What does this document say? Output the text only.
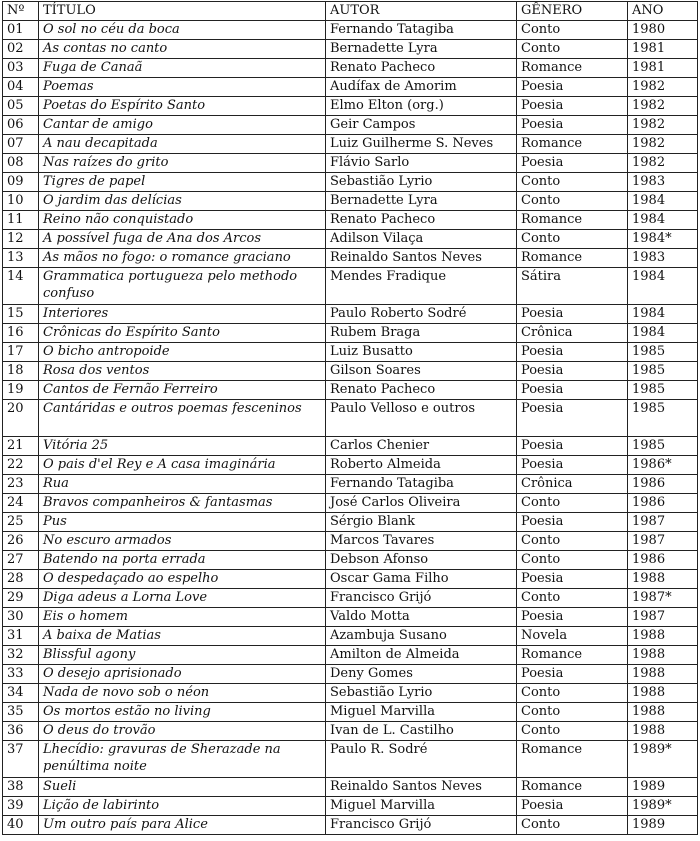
Nº	TÍTULO	AUTOR	GÊNERO	ANO
01	O sol no céu da boca	Fernando Tatagiba	Conto	1980
02	As contas no canto	Bernadette Lyra	Conto	1981
03	Fuga de Canaã	Renato Pacheco	Romance	1981
04	Poemas	Audífax de Amorim	Poesia	1982
05	Poetas do Espírito Santo	Elmo Elton (org.)	Poesia	1982
06	Cantar de amigo	Geir Campos	Poesia	1982
07	A nau decapitada	Luiz Guilherme S. Neves	Romance	1982
08	Nas raízes do grito	Flávio Sarlo	Poesia	1982
09	Tigres de papel	Sebastião Lyrio	Conto	1983
10	O jardim das delícias	Bernadette Lyra	Conto	1984
11	Reino não conquistado	Renato Pacheco	Romance	1984
12	A possível fuga de Ana dos Arcos	Adilson Vilaça	Conto	1984*
13	As mãos no fogo: o romance graciano	Reinaldo Santos Neves	Romance	1983
14	Grammatica portugueza pelo methodo confuso	Mendes Fradique	Sátira	1984
15	Interiores	Paulo Roberto Sodré	Poesia	1984
16	Crônicas do Espírito Santo	Rubem Braga	Crônica	1984
17	O bicho antropoide	Luiz Busatto	Poesia	1985
18	Rosa dos ventos	Gilson Soares	Poesia	1985
19	Cantos de Fernão Ferreiro	Renato Pacheco	Poesia	1985
20	Cantáridas e outros poemas fesceninos	Paulo Velloso e outros	Poesia	1985
21	Vitória 25	Carlos Chenier	Poesia	1985
22	O pais d'el Rey e A casa imaginária	Roberto Almeida	Poesia	1986*
23	Rua	Fernando Tatagiba	Crônica	1986
24	Bravos companheiros & fantasmas	José Carlos Oliveira	Conto	1986
25	Pus	Sérgio Blank	Poesia	1987
26	No escuro armados	Marcos Tavares	Conto	1987
27	Batendo na porta errada	Debson Afonso	Conto	1986
28	O despedaçado ao espelho	Oscar Gama Filho	Poesia	1988
29	Diga adeus a Lorna Love	Francisco Grijó	Conto	1987*
30	Eis o homem	Valdo Motta	Poesia	1987
31	A baixa de Matias	Azambuja Susano	Novela	1988
32	Blissful agony	Amilton de Almeida	Romance	1988
33	O desejo aprisionado	Deny Gomes	Poesia	1988
34	Nada de novo sob o néon	Sebastião Lyrio	Conto	1988
35	Os mortos estão no living	Miguel Marvilla	Conto	1988
36	O deus do trovão	Ivan de L. Castilho	Conto	1988
37	Lhecídio: gravuras de Sherazade na penúltima noite	Paulo R. Sodré	Romance	1989*
38	Sueli	Reinaldo Santos Neves	Romance	1989
39	Lição de labirinto	Miguel Marvilla	Poesia	1989*
40	Um outro país para Alice	Francisco Grijó	Conto	1989
